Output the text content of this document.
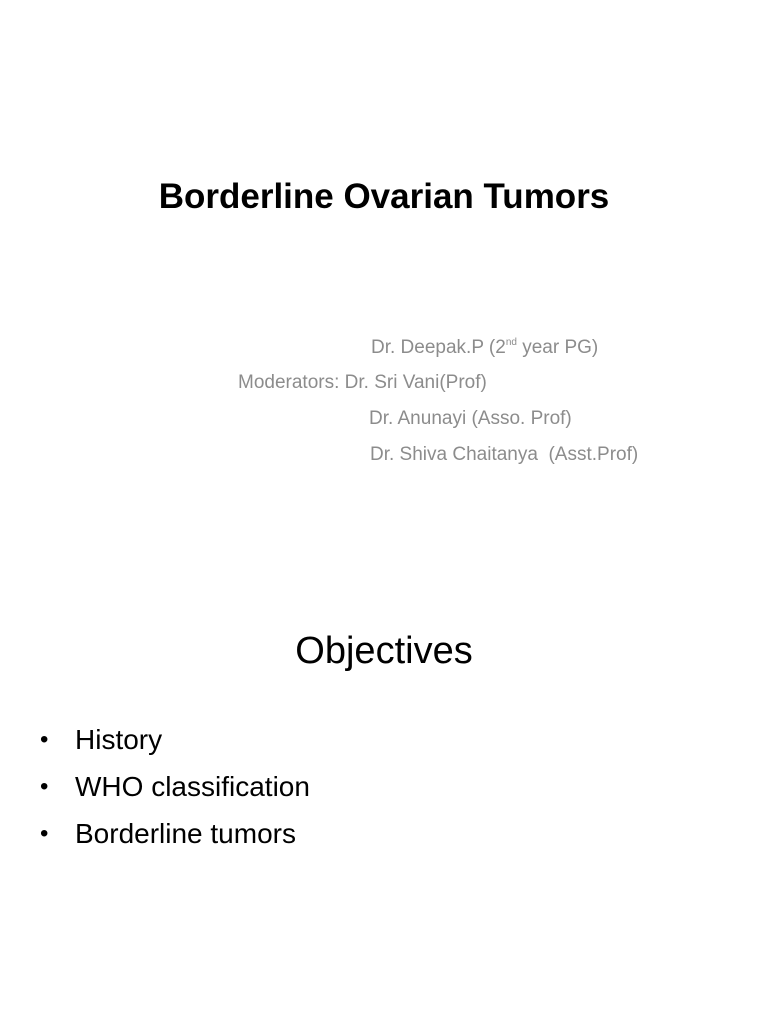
Borderline Ovarian Tumors
Dr. Deepak.P (2nd year PG)
Moderators: Dr. Sri Vani(Prof)
Dr. Anunayi (Asso. Prof)
Dr. Shiva Chaitanya  (Asst.Prof)
Objectives
• History
• WHO classification
• Borderline tumors
